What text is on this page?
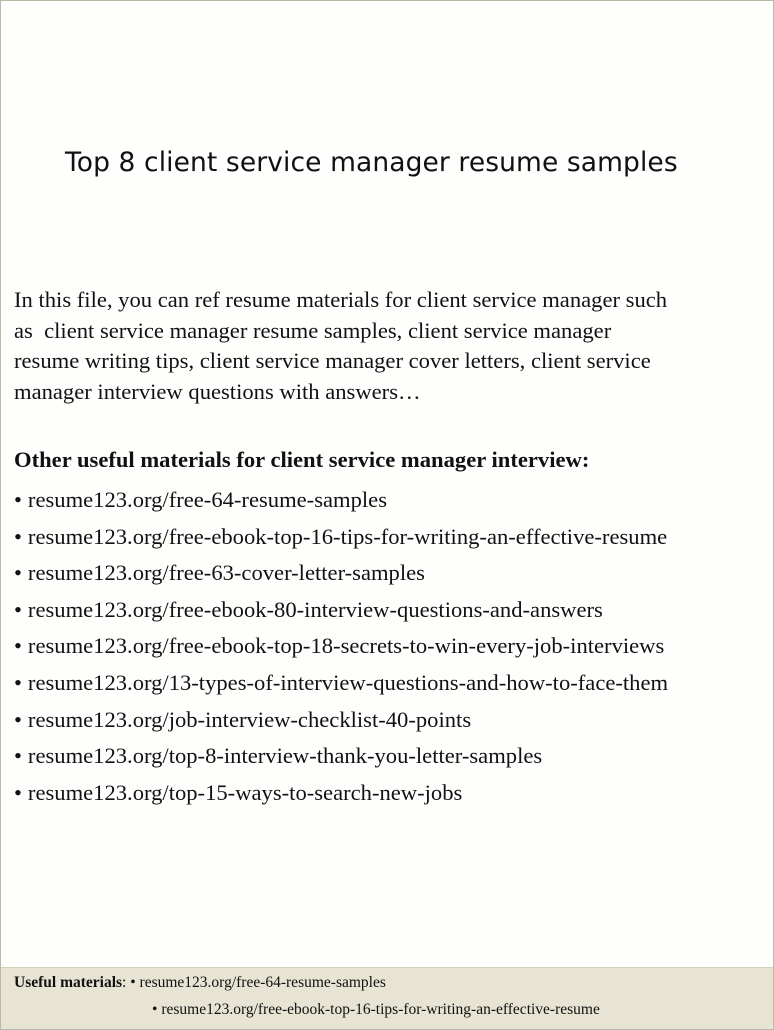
Top 8 client service manager resume samples
In this file, you can ref resume materials for client service manager such
as  client service manager resume samples, client service manager
resume writing tips, client service manager cover letters, client service
manager interview questions with answers…
Other useful materials for client service manager interview:
• resume123.org/free-64-resume-samples
• resume123.org/free-ebook-top-16-tips-for-writing-an-effective-resume
• resume123.org/free-63-cover-letter-samples
• resume123.org/free-ebook-80-interview-questions-and-answers
• resume123.org/free-ebook-top-18-secrets-to-win-every-job-interviews
• resume123.org/13-types-of-interview-questions-and-how-to-face-them
• resume123.org/job-interview-checklist-40-points
• resume123.org/top-8-interview-thank-you-letter-samples
• resume123.org/top-15-ways-to-search-new-jobs
Useful materials: • resume123.org/free-64-resume-samples
• resume123.org/free-ebook-top-16-tips-for-writing-an-effective-resume
